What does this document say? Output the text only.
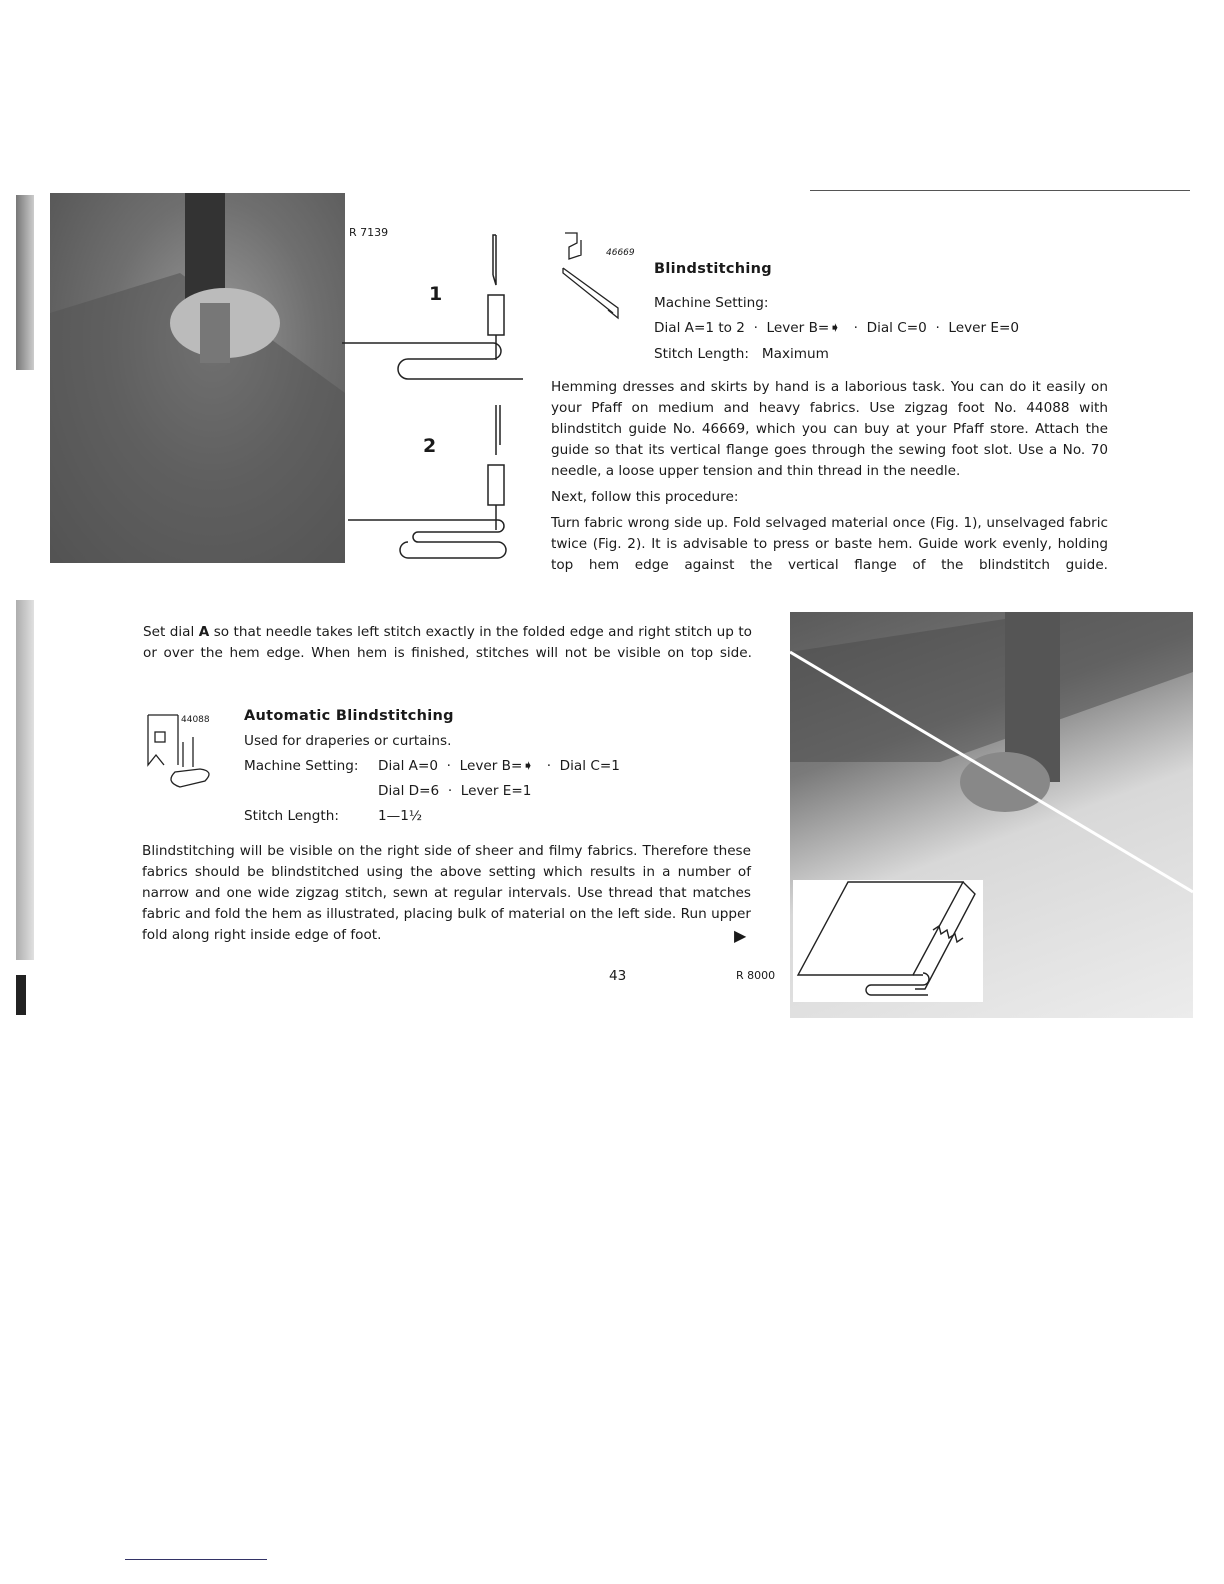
R 7139
1
2
46669
Blindstitching
Machine Setting:
Dial A=1 to 2  ·  Lever B=➧   ·  Dial C=0  ·  Lever E=0
Stitch Length:   Maximum

Hemming dresses and skirts by hand is a laborious task. You can do it easily on your Pfaff on medium and heavy fabrics. Use zigzag foot No. 44088 with blindstitch guide No. 46669, which you can buy at your Pfaff store. Attach the guide so that its vertical flange goes through the sewing foot slot. Use a No. 70 needle, a loose upper tension and thin thread in the needle.

Next, follow this procedure:

Turn fabric wrong side up. Fold selvaged material once (Fig. 1), unselvaged fabric twice (Fig. 2). It is advisable to press or baste hem. Guide work evenly, holding top hem edge against the vertical flange of the blindstitch guide.

Set dial A so that needle takes left stitch exactly in the folded edge and right stitch up to or over the hem edge. When hem is finished, stitches will not be visible on top side.

44088 Automatic Blindstitching
Used for draperies or curtains.
Machine Setting: Dial A=0  ·  Lever B=➧   ·  Dial C=1
Dial D=6  ·  Lever E=1
Stitch Length:	1—1½

Blindstitching will be visible on the right side of sheer and filmy fabrics. Therefore these fabrics should be blindstitched using the above setting which results in a number of narrow and one wide zigzag stitch, sewn at regular intervals. Use thread that matches fabric and fold the hem as illustrated, placing bulk of material on the left side. Run upper fold along right inside edge of foot.	▶
43	R 8000
